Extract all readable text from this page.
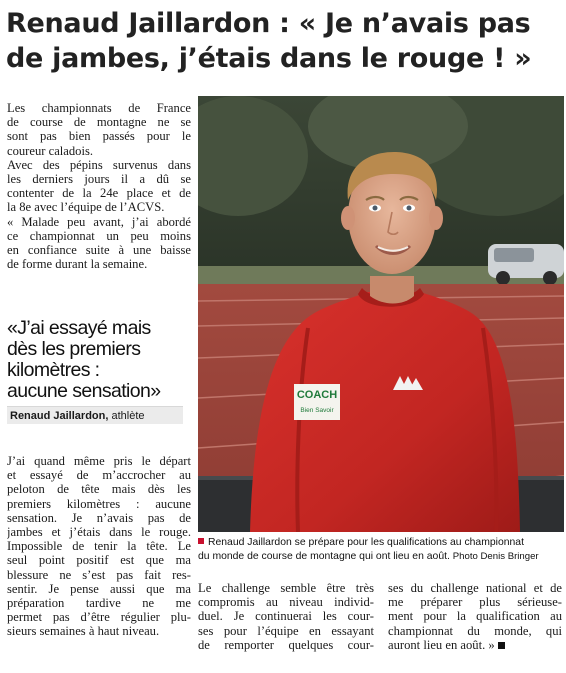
Renaud Jaillardon : « Je n’avais pas
de jambes, j’étais dans le rouge ! »
Les championnats de France
de course de montagne ne se
sont pas bien passés pour le
coureur caladois.
Avec des pépins survenus dans
les derniers jours il a dû se
contenter de la 24e place et de
la 8e avec l’équipe de l’ACVS.
« Malade peu avant, j’ai abordé
ce championnat un peu moins
en confiance suite à une baisse
de forme durant la semaine.

«J’ai essayé mais
dès les premiers
kilomètres :
aucune sensation»

Renaud Jaillardon, athlète
J’ai quand même pris le départ
et essayé de m’accrocher au
peloton de tête mais dès les
premiers kilomètres : aucune
sensation. Je n’avais pas de
jambes et j’étais dans le rouge.
Impossible de tenir la tête. Le
seul point positif est que ma
blessure ne s’est pas fait res-
sentir. Je pense aussi que ma
préparation tardive ne me
permet pas d’être régulier plu-
sieurs semaines à haut niveau.
COACH
Bien Savoir
Renaud Jaillardon se prépare pour les qualifications au championnat
du monde de course de montagne qui ont lieu en août. Photo Denis Bringer
Le challenge semble être très
compromis au niveau individ-
duel. Je continuerai les cour-
ses pour l’équipe en essayant
de remporter quelques cour-
ses du challenge national et de
me préparer plus sérieuse-
ment pour la qualification au
championnat du monde, qui
auront lieu en août. »
